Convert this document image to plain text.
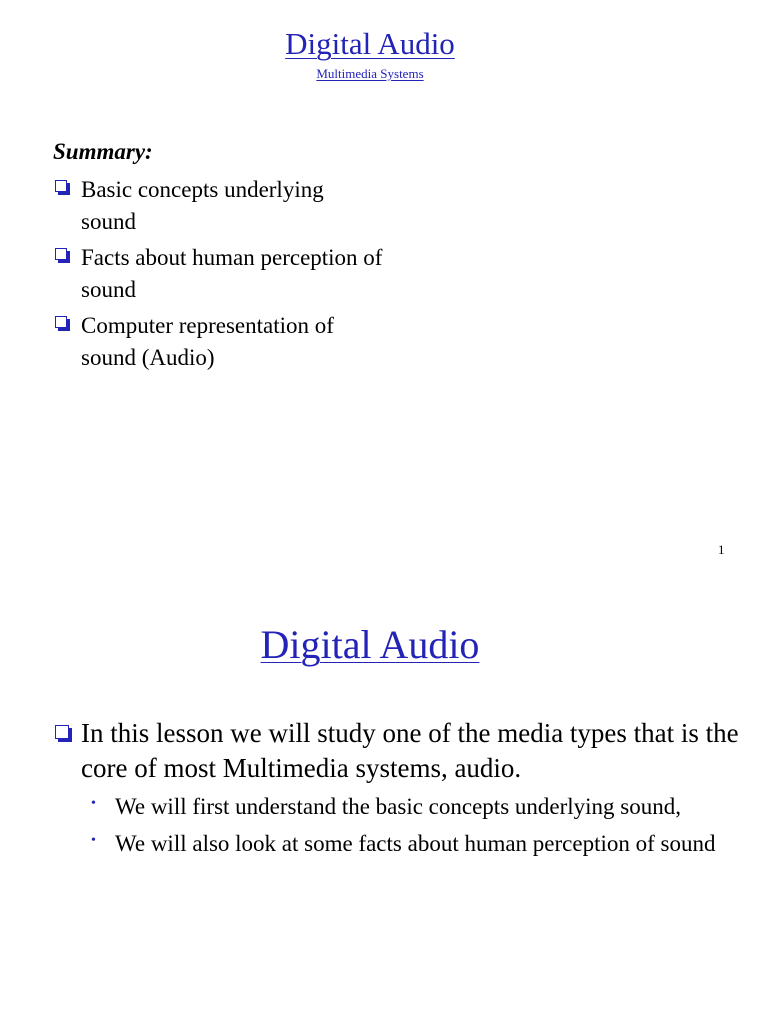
Digital Audio
Multimedia Systems
Summary:
Basic concepts underlying sound
Facts about human perception of sound
Computer representation of sound (Audio)
1
Digital Audio
In this lesson we will study one of the media types that is the core of most Multimedia systems, audio.
• We will first understand the basic concepts underlying sound,
• We will also look at some facts about human perception of sound
